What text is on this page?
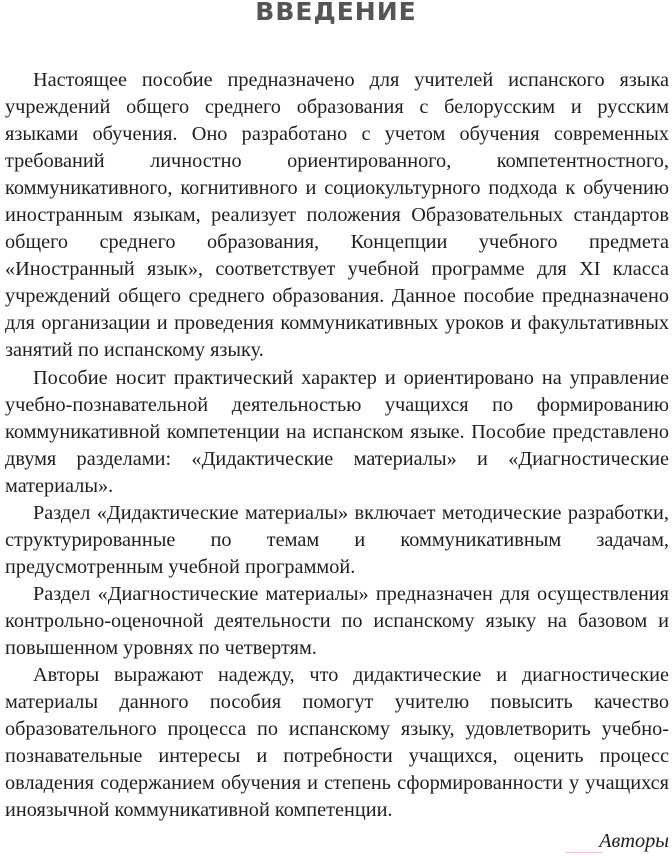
ВВЕДЕНИЕ

Настоящее пособие предназначено для учителей испанского языка учреждений общего среднего образования с белорусским и русским языками обучения. Оно разработано с учетом обучения современных требований личностно ориентированного, компетентностного, коммуникативного, когнитивного и социокультурного подхода к обучению иностранным языкам, реализует положения Образовательных стандартов общего среднего образования, Концепции учебного предмета «Иностранный язык», соответствует учебной программе для XI класса учреждений общего среднего образования. Данное пособие предназначено для организации и проведения коммуникативных уроков и факультативных занятий по испанскому языку.

Пособие носит практический характер и ориентировано на управление учебно-познавательной деятельностью учащихся по формированию коммуникативной компетенции на испанском языке. Пособие представлено двумя разделами: «Дидактические материалы» и «Диагностические материалы».

Раздел «Дидактические материалы» включает методические разработки, структурированные по темам и коммуникативным задачам, предусмотренным учебной программой.

Раздел «Диагностические материалы» предназначен для осуществления контрольно-оценочной деятельности по испанскому языку на базовом и повышенном уровнях по четвертям.

Авторы выражают надежду, что дидактические и диагностические материалы данного пособия помогут учителю повысить качество образовательного процесса по испанскому языку, удовлетворить учебно-познавательные интересы и потребности учащихся, оценить процесс овладения содержанием обучения и степень сформированности у учащихся иноязычной коммуникативной компетенции.

Авторы
